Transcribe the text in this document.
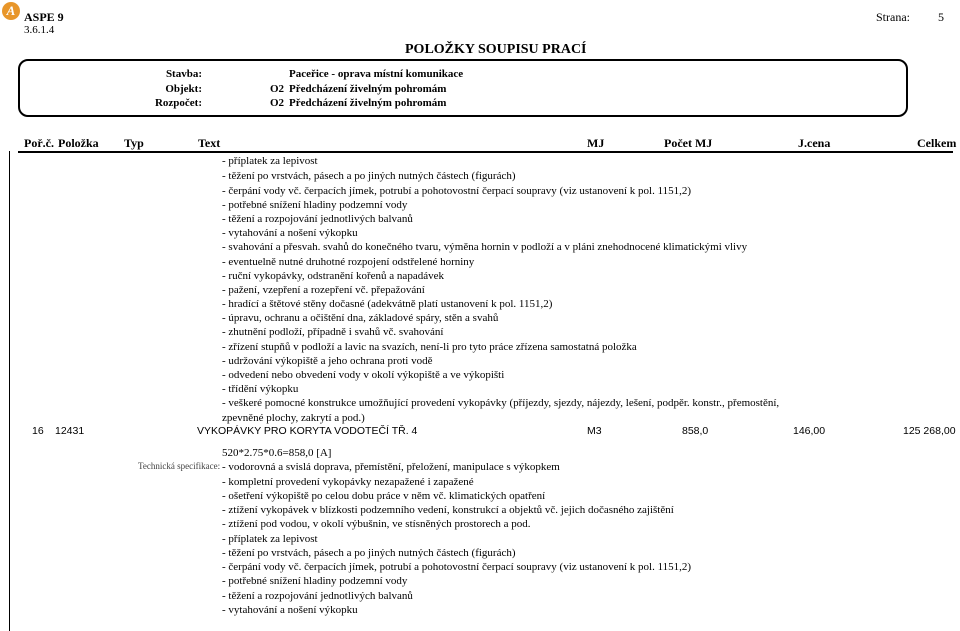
A ASPE 9
3.6.1.4
Strana: 5
POLOŽKY SOUPISU PRACÍ
Stavba:	Paceřice - oprava místní komunikace
Objekt:	O2 Předcházení živelným pohromám
Rozpočet:	O2 Předcházení živelným pohromám
Poř.č. Položka Typ	Text	MJ	Počet MJ	J.cena	Celkem
- příplatek za lepivost
- těžení po vrstvách, pásech a po jiných nutných částech (figurách)
- čerpání vody vč. čerpacích jímek, potrubí a pohotovostní čerpací soupravy (viz ustanovení k pol. 1151,2)
- potřebné snížení hladiny podzemní vody
- těžení a rozpojování jednotlivých balvanů
- vytahování a nošení výkopku
- svahování a přesvah. svahů do konečného tvaru, výměna hornin v podloží a v pláni znehodnocené klimatickými vlivy
- eventuelně nutné druhotné rozpojení odstřelené horniny
- ruční vykopávky, odstranění kořenů a napadávek
- pažení, vzepření a rozepření vč. přepažování
- hradící a štětové stěny dočasné (adekvátně platí ustanovení k pol. 1151,2)
- úpravu, ochranu a očištění dna, základové spáry, stěn a svahů
- zhutnění podloží, případně i svahů vč. svahování
- zřízení stupňů v podloží a lavic na svazích, není-li pro tyto práce zřízena samostatná položka
- udržování výkopiště a jeho ochrana proti vodě
- odvedení nebo obvedení vody v okolí výkopiště a ve výkopišti
- třídění výkopku
- veškeré pomocné konstrukce umožňující provedení vykopávky (příjezdy, sjezdy, nájezdy, lešení, podpěr. konstr., přemostění,
zpevněné plochy, zakrytí a pod.)
16 12431	VYKOPÁVKY PRO KORYTA VODOTEČÍ TŘ. 4	M3	858,0	146,00	125 268,00
520*2.75*0.6=858,0 [A]
Technická specifikace: - vodorovná a svislá doprava, přemístění, přeložení, manipulace s výkopkem
- kompletní provedení vykopávky nezapažené i zapažené
- ošetření výkopiště po celou dobu práce v něm vč. klimatických opatření
- ztížení vykopávek v blízkosti podzemního vedení, konstrukcí a objektů vč. jejich dočasného zajištění
- ztížení pod vodou, v okolí výbušnin, ve stísněných prostorech a pod.
- příplatek za lepivost
- těžení po vrstvách, pásech a po jiných nutných částech (figurách)
- čerpání vody vč. čerpacích jímek, potrubí a pohotovostní čerpací soupravy (viz ustanovení k pol. 1151,2)
- potřebné snížení hladiny podzemní vody
- těžení a rozpojování jednotlivých balvanů
- vytahování a nošení výkopku
